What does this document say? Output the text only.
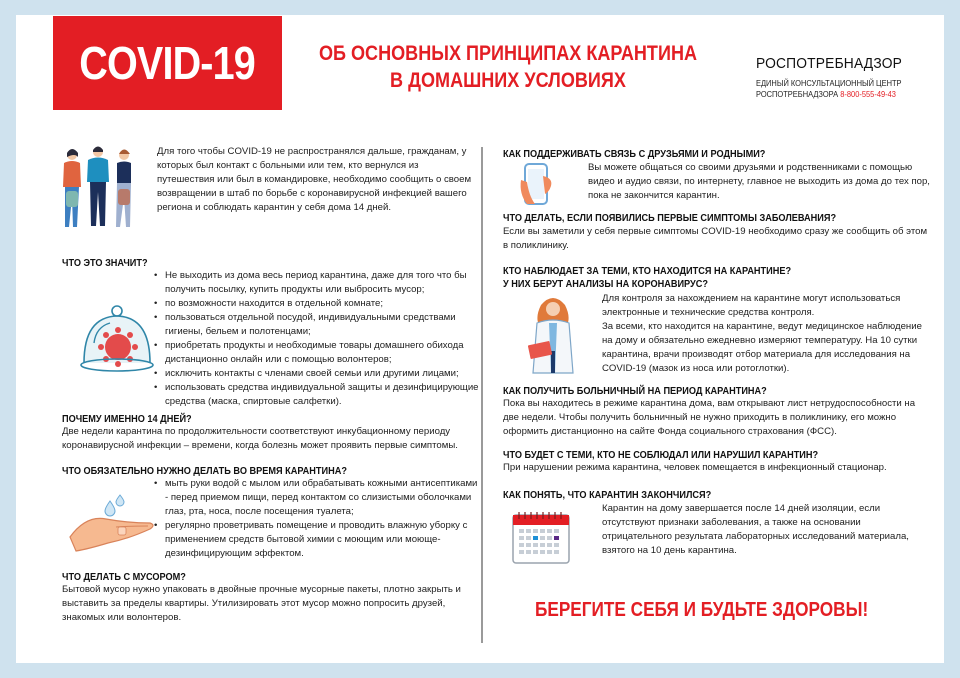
COVID-19	ОБ ОСНОВНЫХ ПРИНЦИПАХ КАРАНТИНА
В ДОМАШНИХ УСЛОВИЯХ
РОСПОТРЕБНАДЗОР
ЕДИНЫЙ КОНСУЛЬТАЦИОННЫЙ ЦЕНТР
РОСПОТРЕБНАДЗОРА 8-800-555-49-43
Для того чтобы COVID-19 не распространялся дальше, гражданам, у которых был контакт с больными или тем, кто вернулся из путешествия или был в командировке, необходимо сообщить о своем возвращении в штаб по борьбе с коронавирусной инфекцией вашего региона и соблюдать карантин у себя дома 14 дней.
ЧТО ЭТО ЗНАЧИТ?
• Не выходить из дома весь период карантина, даже для того что бы получить посылку, купить продукты или выбросить мусор;
• по возможности находится в отдельной комнате;
• пользоваться отдельной посудой, индивидуальными средствами гигиены, бельем и полотенцами;
• приобретать продукты и необходимые товары домашнего обихода дистанционно онлайн или с помощью волонтеров;
• исключить контакты с членами своей семьи или другими лицами;
• использовать средства индивидуальной защиты и дезинфицирующие средства (маска, спиртовые салфетки).
ПОЧЕМУ ИМЕННО 14 ДНЕЙ?
Две недели карантина по продолжительности соответствуют инкубационному периоду коронавирусной инфекции – времени, когда болезнь может проявить первые симптомы.
ЧТО ОБЯЗАТЕЛЬНО НУЖНО ДЕЛАТЬ ВО ВРЕМЯ КАРАНТИНА?
• мыть руки водой с мылом или обрабатывать кожными антисептиками - перед приемом пищи, перед контактом со слизистыми оболочками глаз, рта, носа, после посещения туалета;
• регулярно проветривать помещение и проводить влажную уборку с применением средств бытовой химии с моющим или моюще-дезинфицирующим эффектом.
ЧТО ДЕЛАТЬ С МУСОРОМ?
Бытовой мусор нужно упаковать в двойные прочные мусорные пакеты, плотно закрыть и выставить за пределы квартиры. Утилизировать этот мусор можно попросить друзей, знакомых или волонтеров.
КАК ПОДДЕРЖИВАТЬ СВЯЗЬ С ДРУЗЬЯМИ И РОДНЫМИ?
Вы можете общаться со своими друзьями и родственниками с помощью видео и аудио связи, по интернету, главное не выходить из дома до тех пор, пока не закончится карантин.
ЧТО ДЕЛАТЬ, ЕСЛИ ПОЯВИЛИСЬ ПЕРВЫЕ СИМПТОМЫ ЗАБОЛЕВАНИЯ?
Если вы заметили у себя первые симптомы COVID-19 необходимо сразу же сообщить об этом в поликлинику.
КТО НАБЛЮДАЕТ ЗА ТЕМИ, КТО НАХОДИТСЯ НА КАРАНТИНЕ?
У НИХ БЕРУТ АНАЛИЗЫ НА КОРОНАВИРУС?
Для контроля за нахождением на карантине могут использоваться электронные и технические средства контроля.
За всеми, кто находится на карантине, ведут медицинское наблюдение на дому и обязательно ежедневно измеряют температуру. На 10 сутки карантина, врачи производят отбор материала для исследования на COVID-19 (мазок из носа или ротоглотки).
КАК ПОЛУЧИТЬ БОЛЬНИЧНЫЙ НА ПЕРИОД КАРАНТИНА?
Пока вы находитесь в режиме карантина дома, вам открывают лист нетрудоспособности на две недели. Чтобы получить больничный не нужно приходить в поликлинику, его можно оформить дистанционно на сайте Фонда социального страхования (ФСС).
ЧТО БУДЕТ С ТЕМИ, КТО НЕ СОБЛЮДАЛ ИЛИ НАРУШИЛ КАРАНТИН?
При нарушении режима карантина, человек помещается в инфекционный стационар.
КАК ПОНЯТЬ, ЧТО КАРАНТИН ЗАКОНЧИЛСЯ?
Карантин на дому завершается после 14 дней изоляции, если отсутствуют признаки заболевания, а также на основании отрицательного результата лабораторных исследований материала, взятого на 10 день карантина.
БЕРЕГИТЕ СЕБЯ И БУДЬТЕ ЗДОРОВЫ!
